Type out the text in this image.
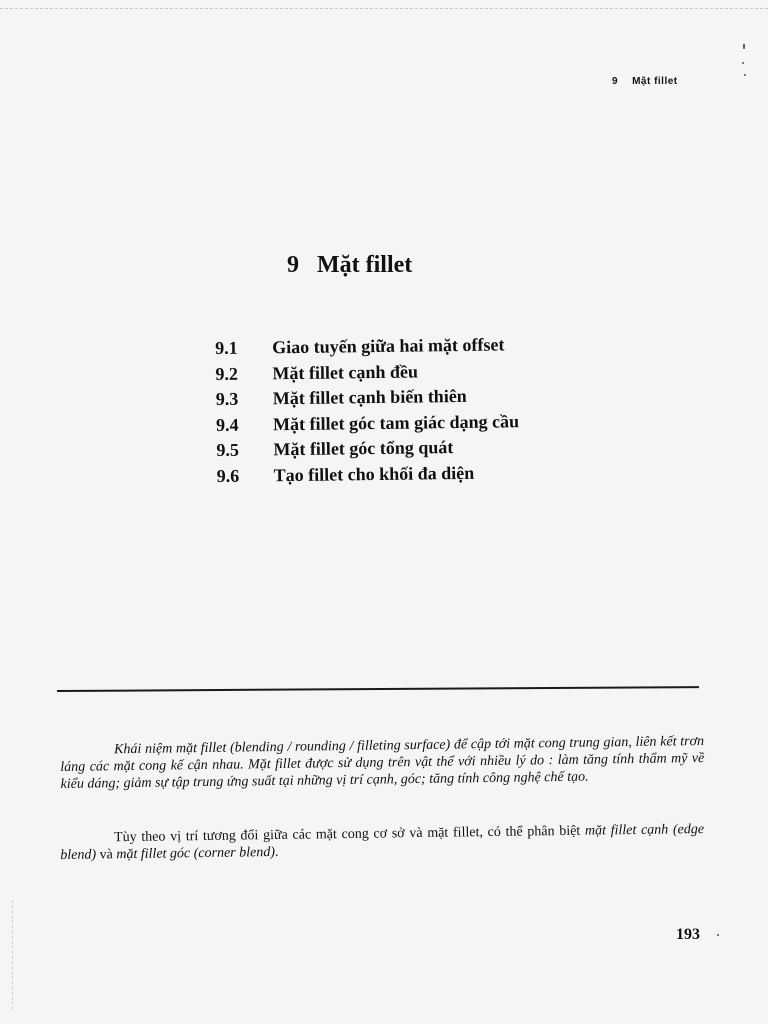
9 Mặt fillet
9 Mặt fillet
9.1	Giao tuyến giữa hai mặt offset
9.2	Mặt fillet cạnh đều
9.3	Mặt fillet cạnh biến thiên
9.4	Mặt fillet góc tam giác dạng cầu
9.5	Mặt fillet góc tổng quát
9.6	Tạo fillet cho khối đa diện

Khái niệm mặt fillet (blending / rounding / filleting surface) để cập tới mặt cong trung gian, liên kết trơn láng các mặt cong kế cận nhau. Mặt fillet được sử dụng trên vật thể với nhiều lý do : làm tăng tính thẩm mỹ về kiểu dáng; giảm sự tập trung ứng suất tại những vị trí cạnh, góc; tăng tính công nghệ chế tạo.

Tùy theo vị trí tương đối giữa các mặt cong cơ sở và mặt fillet, có thể phân biệt mặt fillet cạnh (edge blend) và mặt fillet góc (corner blend).

193
